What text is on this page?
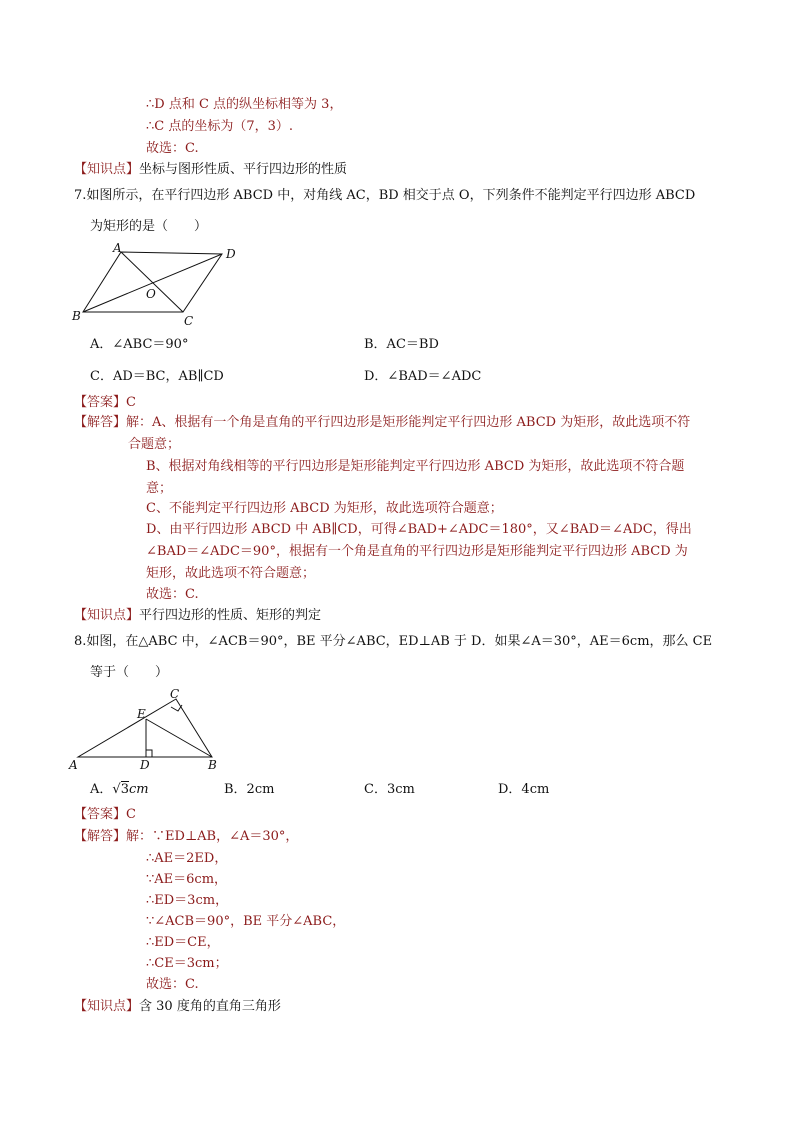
∴D 点和 C 点的纵坐标相等为 3，
∴C 点的坐标为（7，3）.
故选：C.
【知识点】坐标与图形性质、平行四边形的性质
7.如图所示，在平行四边形 ABCD 中，对角线 AC，BD 相交于点 O，下列条件不能判定平行四边形 ABCD
为矩形的是（　　）
A	D
B	C
O
A．∠ABC＝90°	B．AC＝BD
C．AD＝BC，AB∥CD	D．∠BAD＝∠ADC
【答案】C
【解答】解：A、根据有一个角是直角的平行四边形是矩形能判定平行四边形 ABCD 为矩形，故此选项不符
合题意；
B、根据对角线相等的平行四边形是矩形能判定平行四边形 ABCD 为矩形，故此选项不符合题
意；
C、不能判定平行四边形 ABCD 为矩形，故此选项符合题意；
D、由平行四边形 ABCD 中 AB∥CD，可得∠BAD+∠ADC＝180°，又∠BAD＝∠ADC，得出
∠BAD＝∠ADC＝90°，根据有一个角是直角的平行四边形是矩形能判定平行四边形 ABCD 为
矩形，故此选项不符合题意；
故选：C.
【知识点】平行四边形的性质、矩形的判定
8.如图，在△ABC 中，∠ACB＝90°，BE 平分∠ABC，ED⊥AB 于 D．如果∠A＝30°，AE＝6cm，那么 CE
等于（　　）
A	D	B
C
E
A．√3cm	B．2cm	C．3cm	D．4cm
【答案】C
【解答】解：∵ED⊥AB，∠A＝30°，
∴AE＝2ED，
∵AE＝6cm，
∴ED＝3cm，
∵∠ACB＝90°，BE 平分∠ABC，
∴ED＝CE，
∴CE＝3cm；
故选：C.
【知识点】含 30 度角的直角三角形
